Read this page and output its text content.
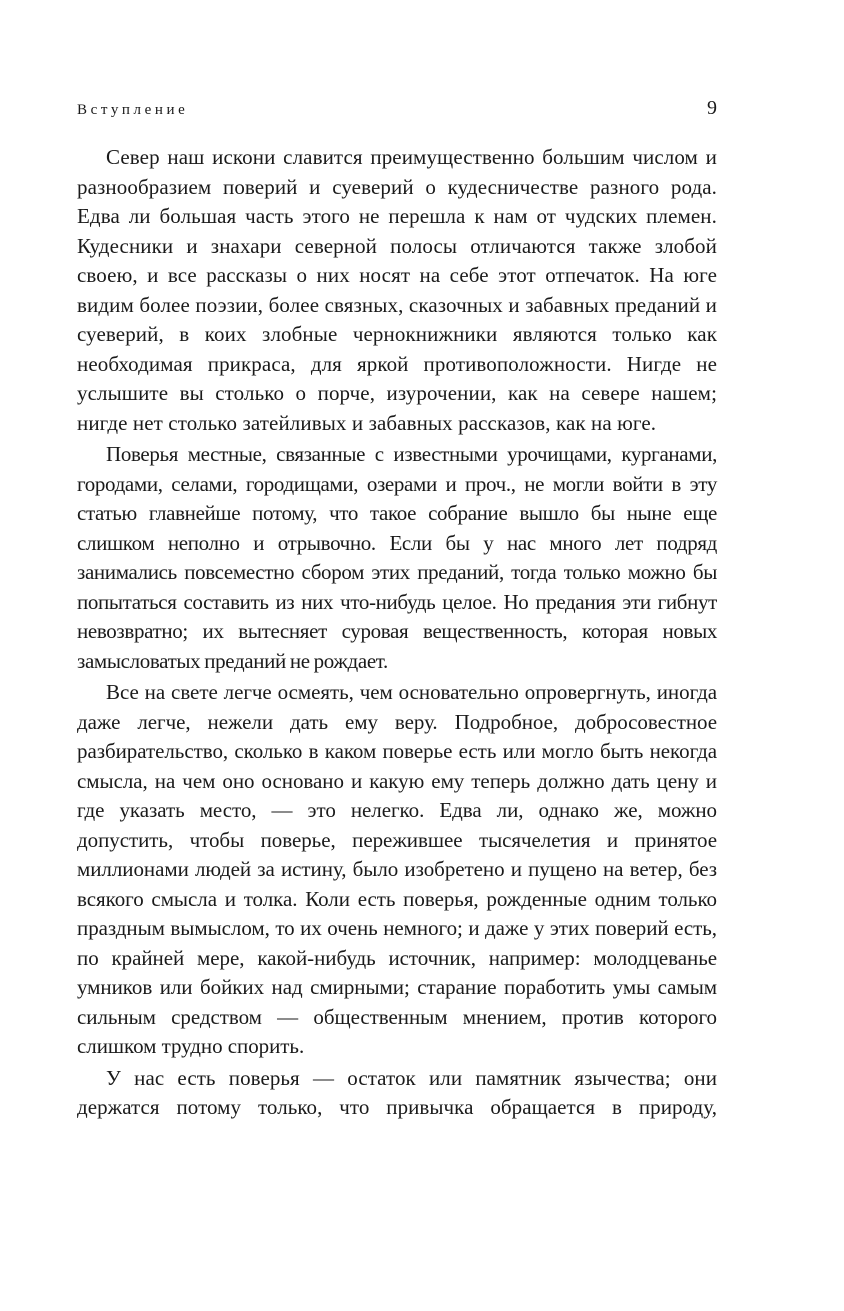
Вступление	9

Север наш искони славится преимущественно большим числом и разнообразием поверий и суеверий о кудесничестве разного рода. Едва ли большая часть этого не перешла к нам от чудских племен. Кудесники и знахари северной полосы отличаются также злобой своею, и все рассказы о них носят на себе этот отпечаток. На юге видим более поэзии, более связных, сказочных и забавных преданий и суеверий, в коих злобные чернокнижники являются только как необходимая прикраса, для яркой противоположности. Нигде не услышите вы столько о порче, изурочении, как на севере нашем; нигде нет столько затейливых и забавных рассказов, как на юге.

Поверья местные, связанные с известными урочищами, курганами, городами, селами, городищами, озерами и проч., не могли войти в эту статью главнейше потому, что такое собрание вышло бы ныне еще слишком неполно и отрывочно. Если бы у нас много лет подряд занимались повсеместно сбором этих преданий, тогда только можно бы попытаться составить из них что-нибудь целое. Но предания эти гибнут невозвратно; их вытесняет суровая вещественность, которая новых замысловатых преданий не рождает.

Все на свете легче осмеять, чем основательно опровергнуть, иногда даже легче, нежели дать ему веру. Подробное, добросовестное разбирательство, сколько в каком поверье есть или могло быть некогда смысла, на чем оно основано и какую ему теперь должно дать цену и где указать место, — это нелегко. Едва ли, однако же, можно допустить, чтобы поверье, пережившее тысячелетия и принятое миллионами людей за истину, было изобретено и пущено на ветер, без всякого смысла и толка. Коли есть поверья, рожденные одним только праздным вымыслом, то их очень немного; и даже у этих поверий есть, по крайней мере, какой-нибудь источник, например: молодцеванье умников или бойких над смирными; старание поработить умы самым сильным средством — общественным мнением, против которого слишком трудно спорить.

У нас есть поверья — остаток или памятник язычества; они держатся потому только, что привычка обращается в природу,
